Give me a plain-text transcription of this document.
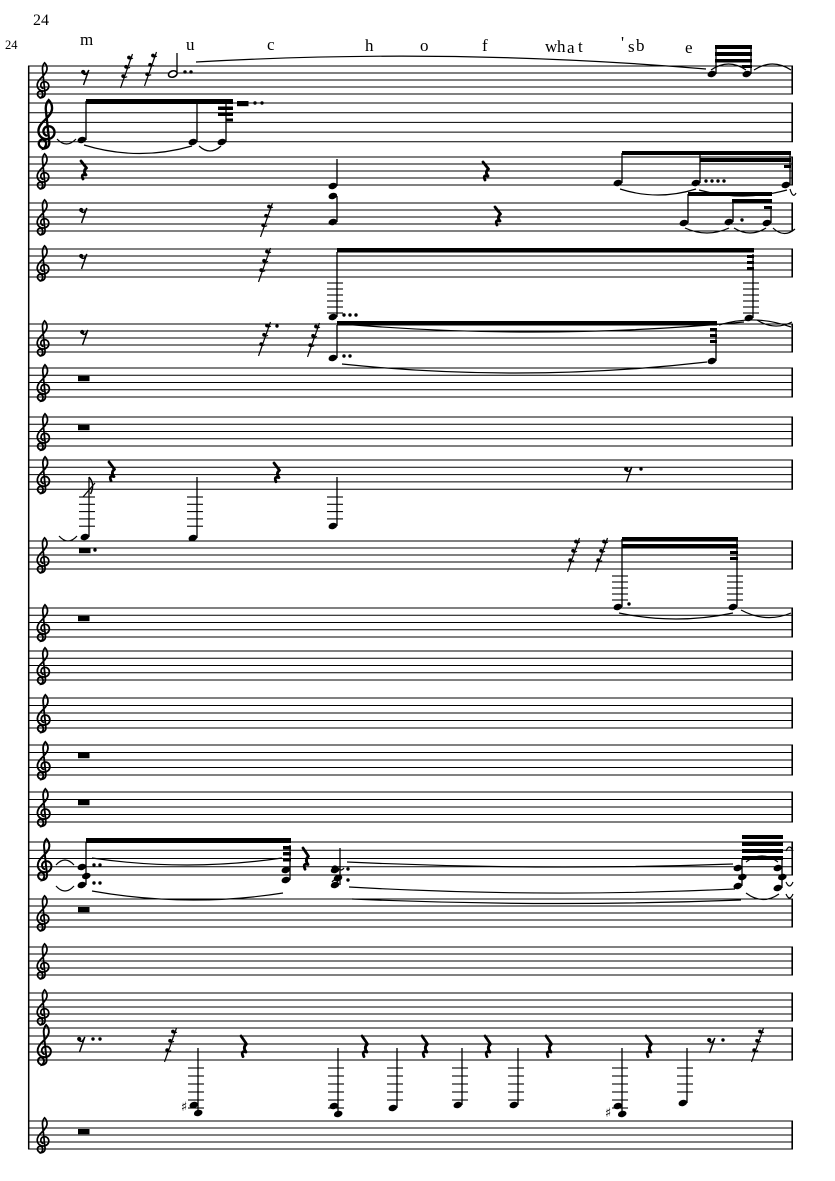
24
24
♯	♯
m	u	c	h	o	f	w h a t ' s b e
